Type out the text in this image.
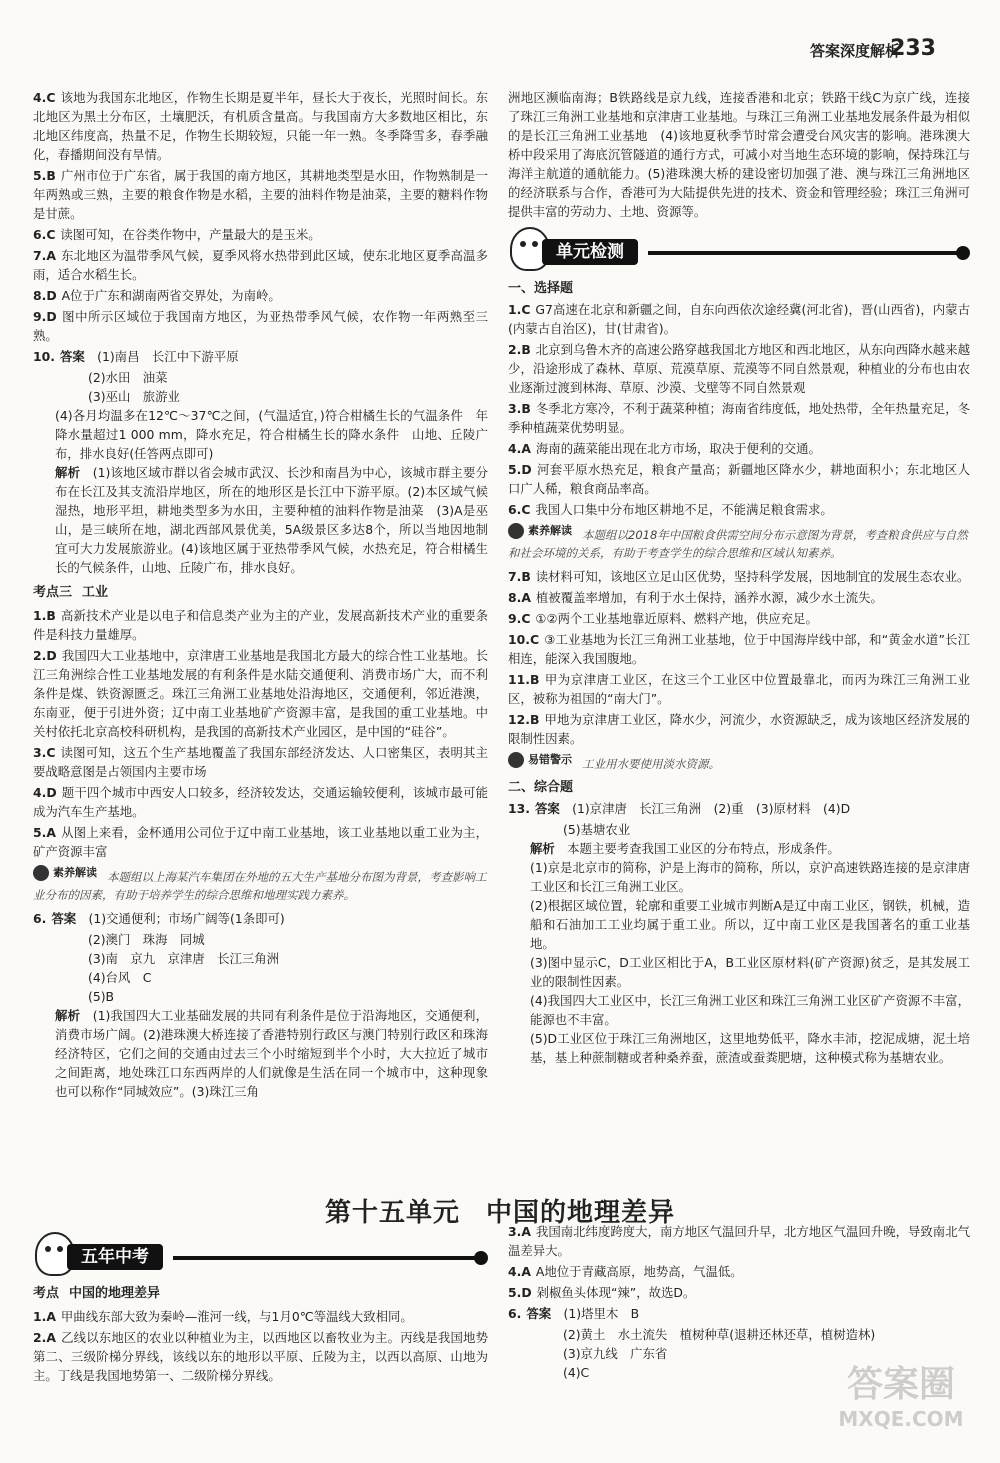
答案深度解析
233

4.C 该地为我国东北地区，作物生长期是夏半年，昼长大于夜长，光照时间长。东北地区为黑土分布区，土壤肥沃，有机质含量高。与我国南方大多数地区相比，东北地区纬度高，热量不足，作物生长期较短，只能一年一熟。冬季降雪多，春季融化，春播期间没有旱情。

5.B 广州市位于广东省，属于我国的南方地区，其耕地类型是水田，作物熟制是一年两熟或三熟，主要的粮食作物是水稻，主要的油料作物是油菜，主要的糖料作物是甘蔗。

6.C 读图可知，在谷类作物中，产量最大的是玉米。

7.A 东北地区为温带季风气候，夏季风将水热带到此区域，使东北地区夏季高温多雨，适合水稻生长。

8.D A位于广东和湖南两省交界处，为南岭。

9.D 图中所示区域位于我国南方地区，为亚热带季风气候，农作物一年两熟至三熟。

10. 答案　 (1)南昌　长江中下游平原

(2)水田　油菜

(3)巫山　旅游业

(4)各月均温多在12℃～37℃之间，(气温适宜，)符合柑橘生长的气温条件　年降水量超过1 000 mm，降水充足，符合柑橘生长的降水条件　山地、丘陵广布，排水良好(任答两点即可)

解析　 (1)该地区域市群以省会城市武汉、长沙和南昌为中心，该城市群主要分布在长江及其支流沿岸地区，所在的地形区是长江中下游平原。(2)本区域气候湿热，地形平坦，耕地类型多为水田，主要种植的油料作物是油菜　(3)A是巫山，是三峡所在地，湖北西部风景优美，5A级景区多达8个，所以当地因地制宜可大力发展旅游业。(4)该地区属于亚热带季风气候，水热充足，符合柑橘生长的气候条件，山地、丘陵广布，排水良好。

考点三 工业

1.B 高新技术产业是以电子和信息类产业为主的产业，发展高新技术产业的重要条件是科技力量雄厚。

2.D 我国四大工业基地中，京津唐工业基地是我国北方最大的综合性工业基地。长江三角洲综合性工业基地发展的有利条件是水陆交通便利、消费市场广大，而不利条件是煤、铁资源匮乏。珠江三角洲工业基地处沿海地区，交通便利，邻近港澳，东南亚，便于引进外资；辽中南工业基地矿产资源丰富，是我国的重工业基地。中关村依托北京高校科研机构，是我国的高新技术产业园区，是中国的“硅谷”。

3.C 读图可知，这五个生产基地覆盖了我国东部经济发达、人口密集区，表明其主要战略意图是占领国内主要市场

4.D 题干四个城市中西安人口较多，经济较发达，交通运输较便利，该城市最可能成为汽车生产基地。

5.A 从图上来看，金杯通用公司位于辽中南工业基地，该工业基地以重工业为主，矿产资源丰富

素养解读 本题组以上海某汽车集团在外地的五大生产基地分布图为背景，考查影响工业分布的因素，有助于培养学生的综合思维和地理实践力素养。

6. 答案　 (1)交通便利；市场广阔等(1条即可)

(2)澳门　珠海　同城

(3)南　京九　京津唐　长江三角洲

(4)台风　C

(5)B

解析　 (1)我国四大工业基础发展的共同有利条件是位于沿海地区，交通便利，消费市场广阔。(2)港珠澳大桥连接了香港特别行政区与澳门特别行政区和珠海经济特区，它们之间的交通由过去三个小时缩短到半个小时，大大拉近了城市之间距离，地处珠江口东西两岸的人们就像是生活在同一个城市中，这种现象也可以称作“同城效应”。(3)珠江三角

洲地区濒临南海；B铁路线是京九线，连接香港和北京；铁路干线C为京广线，连接了珠江三角洲工业基地和京津唐工业基地。与珠江三角洲工业基地发展条件最为相似的是长江三角洲工业基地　(4)该地夏秋季节时常会遭受台风灾害的影响。港珠澳大桥中段采用了海底沉管隧道的通行方式，可减小对当地生态环境的影响，保持珠江与海洋主航道的通航能力。(5)港珠澳大桥的建设密切加强了港、澳与珠江三角洲地区的经济联系与合作，香港可为大陆提供先进的技术、资金和管理经验；珠江三角洲可提供丰富的劳动力、土地、资源等。

单元检测
一、选择题

1.C G7高速在北京和新疆之间，自东向西依次途经冀(河北省)，晋(山西省)，内蒙古(内蒙古自治区)，甘(甘肃省)。

2.B 北京到乌鲁木齐的高速公路穿越我国北方地区和西北地区，从东向西降水越来越少，沿途形成了森林、草原、荒漠草原、荒漠等不同自然景观，种植业的分布也由农业逐渐过渡到林海、草原、沙漠、戈壁等不同自然景观

3.B 冬季北方寒冷，不利于蔬菜种植；海南省纬度低，地处热带，全年热量充足，冬季种植蔬菜优势明显。

4.A 海南的蔬菜能出现在北方市场，取决于便利的交通。

5.D 河套平原水热充足，粮食产量高；新疆地区降水少，耕地面积小；东北地区人口广人稀，粮食商品率高。

6.C 我国人口集中分布地区耕地不足，不能满足粮食需求。

素养解读 本题组以2018年中国粮食供需空间分布示意图为背景，考查粮食供应与自然和社会环境的关系，有助于考查学生的综合思维和区域认知素养。

7.B 读材料可知，该地区立足山区优势，坚持科学发展，因地制宜的发展生态农业。

8.A 植被覆盖率增加，有利于水土保持，涵养水源，减少水土流失。

9.C ①②两个工业基地靠近原料、燃料产地，供应充足。

10.C ③工业基地为长江三角洲工业基地，位于中国海岸线中部，和“黄金水道”长江相连，能深入我国腹地。

11.B 甲为京津唐工业区，在这三个工业区中位置最靠北，而丙为珠江三角洲工业区，被称为祖国的“南大门”。

12.B 甲地为京津唐工业区，降水少，河流少，水资源缺乏，成为该地区经济发展的限制性因素。

易错警示 工业用水要使用淡水资源。

二、综合题

13. 答案　 (1)京津唐　长江三角洲　(2)重　(3)原材料　(4)D

(5)基塘农业

解析　 本题主要考查我国工业区的分布特点，形成条件。

(1)京是北京市的简称，沪是上海市的简称，所以，京沪高速铁路连接的是京津唐工业区和长江三角洲工业区。

(2)根据区域位置，轮廓和重要工业城市判断A是辽中南工业区，钢铁，机械，造船和石油加工工业均属于重工业。所以，辽中南工业区是我国著名的重工业基地。

(3)图中显示C，D工业区相比于A，B工业区原材料(矿产资源)贫乏，是其发展工业的限制性因素。

(4)我国四大工业区中，长江三角洲工业区和珠江三角洲工业区矿产资源不丰富，能源也不丰富。

(5)D工业区位于珠江三角洲地区，这里地势低平，降水丰沛，挖泥成塘，泥土培基，基上种蔗制糖或者种桑养蚕，蔗渣或蚕粪肥塘，这种模式称为基塘农业。

第十五单元 中国的地理差异
五年中考
考点 中国的地理差异

1.A 甲曲线东部大致为秦岭—淮河一线，与1月0℃等温线大致相同。

2.A 乙线以东地区的农业以种植业为主，以西地区以畜牧业为主。丙线是我国地势第二、三级阶梯分界线，该线以东的地形以平原、丘陵为主，以西以高原、山地为主。丁线是我国地势第一、二级阶梯分界线。

3.A 我国南北纬度跨度大，南方地区气温回升早，北方地区气温回升晚，导致南北气温差异大。

4.A A地位于青藏高原，地势高，气温低。

5.D 剁椒鱼头体现“辣”，故选D。

6. 答案　 (1)塔里木　B

(2)黄土　水土流失　植树种草(退耕还林还草，植树造林)

(3)京九线　广东省

(4)C	答案圈
MXQE.COM
